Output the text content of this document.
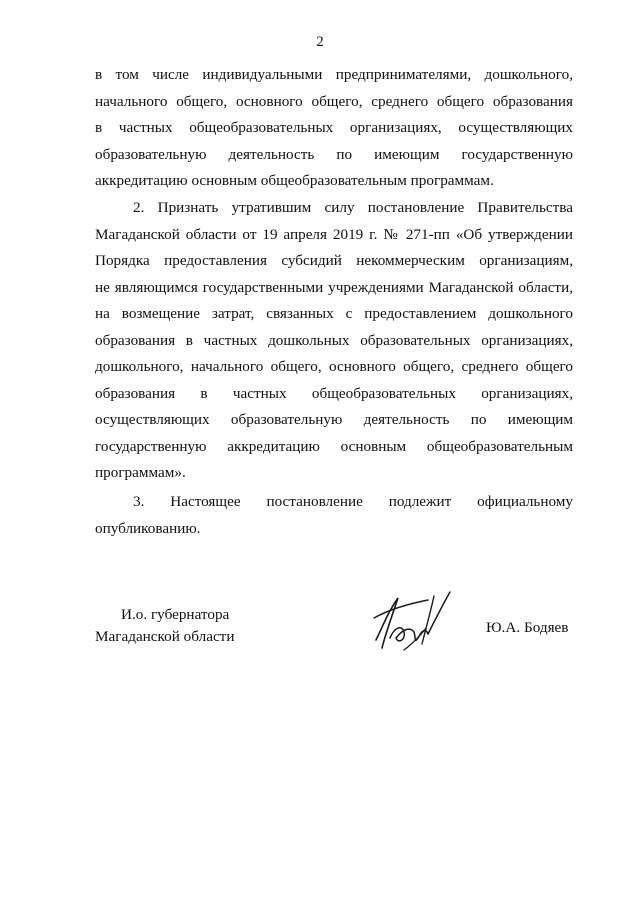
2
в том числе индивидуальными предпринимателями, дошкольного,
начального общего, основного общего, среднего общего образования
в частных общеобразовательных организациях, осуществляющих
образовательную деятельность по имеющим государственную
аккредитацию основным общеобразовательным программам.
2. Признать утратившим силу постановление Правительства
Магаданской области от 19 апреля 2019 г. № 271-пп «Об утверждении
Порядка предоставления субсидий некоммерческим организациям,
не являющимся государственными учреждениями Магаданской области,
на возмещение затрат, связанных с предоставлением дошкольного
образования в частных дошкольных образовательных организациях,
дошкольного, начального общего, основного общего, среднего общего
образования в частных общеобразовательных организациях,
осуществляющих образовательную деятельность по имеющим
государственную аккредитацию основным общеобразовательным
программам».
3. Настоящее постановление подлежит официальному
опубликованию.
И.о. губернатора
Магаданской области
Ю.А. Бодяев
